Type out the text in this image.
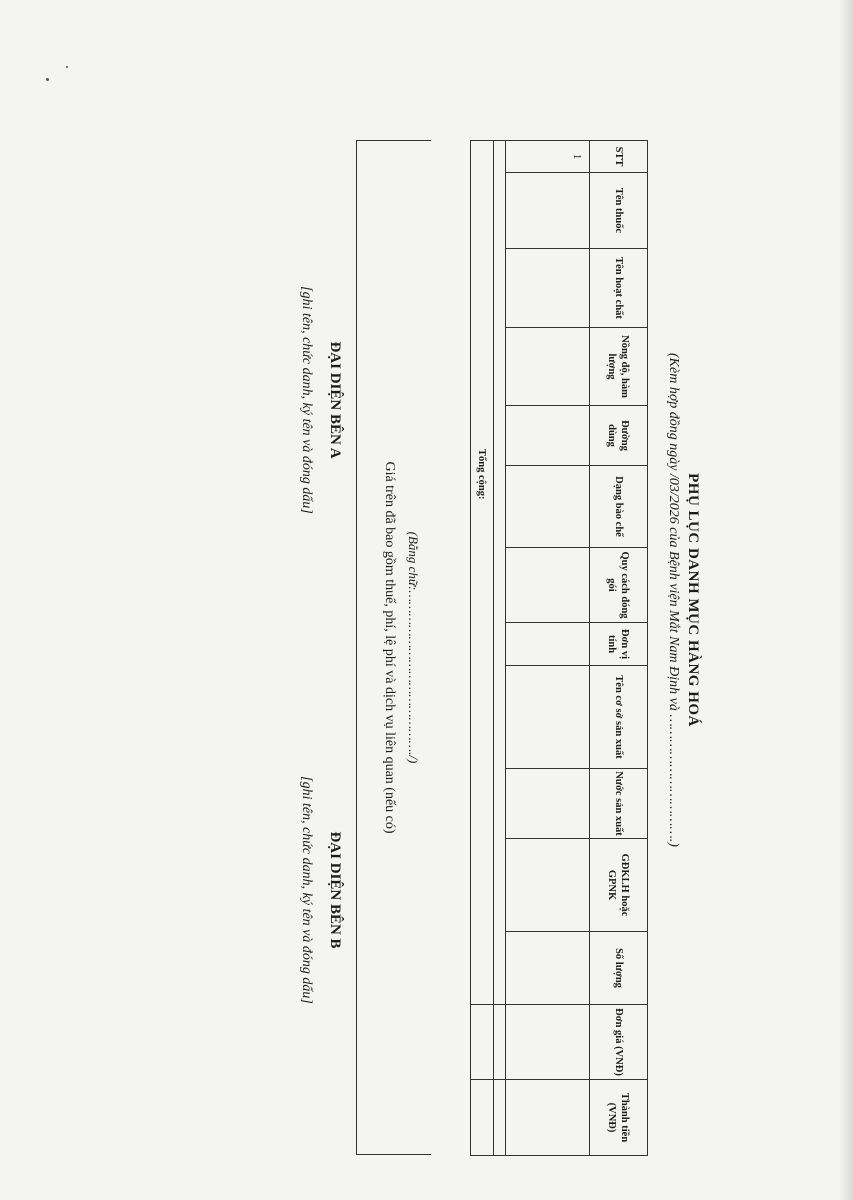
PHỤ LỤC DANH MỤC HÀNG HOÁ
(Kèm hợp đồng ngày /03/2026 của Bệnh viện Mắt Nam Định và ………………………….)
STT	Tên thuốc	Tên hoạt chất	Nồng độ, hàm lượng	Đường dùng	Dạng bào chế	Quy cách đóng gói	Đơn vị tính	Tên cơ sở sản xuất	Nước sản xuất	GĐKLH hoặc GPNK	Số lượng	Đơn giá (VNĐ)	Thành tiền (VNĐ)
1													

Tổng cộng:													
(Bằng chữ:……………………………………./)
Giá trên đã bao gồm thuế, phí, lệ phí và dịch vụ liên quan (nếu có)
ĐẠI DIỆN BÊN A
[ghi tên, chức danh, ký tên và đóng dấu]
ĐẠI DIỆN BÊN B
[ghi tên, chức danh, ký tên và đóng dấu]
